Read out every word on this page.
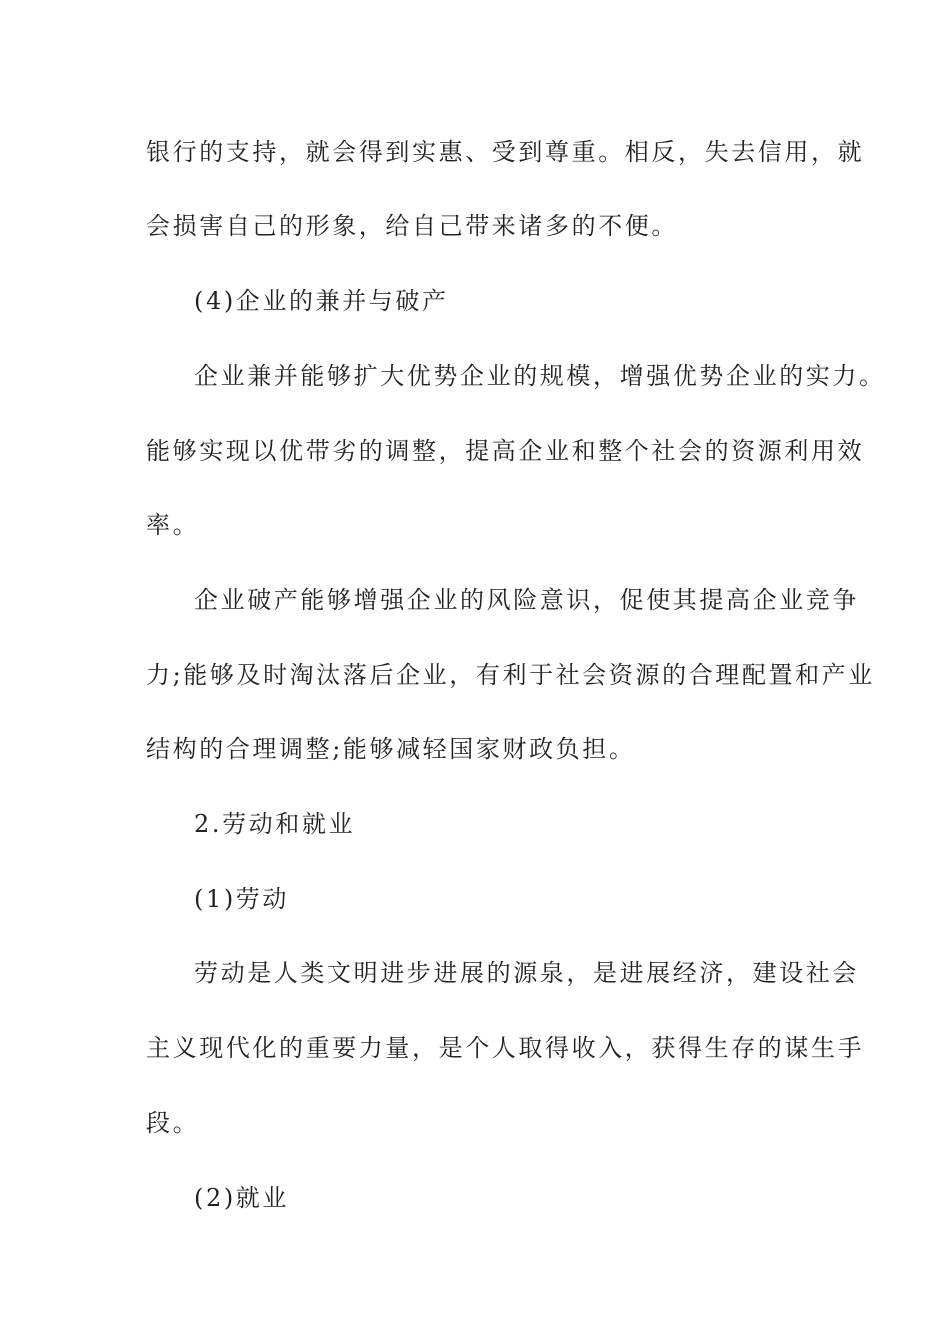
银行的支持，就会得到实惠、受到尊重。相反，失去信用，就
会损害自己的形象，给自己带来诸多的不便。
(4)企业的兼并与破产
企业兼并能够扩大优势企业的规模，增强优势企业的实力。
能够实现以优带劣的调整，提高企业和整个社会的资源利用效
率。
企业破产能够增强企业的风险意识，促使其提高企业竞争
力;能够及时淘汰落后企业，有利于社会资源的合理配置和产业
结构的合理调整;能够减轻国家财政负担。
2.劳动和就业
(1)劳动
劳动是人类文明进步进展的源泉，是进展经济，建设社会
主义现代化的重要力量，是个人取得收入，获得生存的谋生手
段。
(2)就业
